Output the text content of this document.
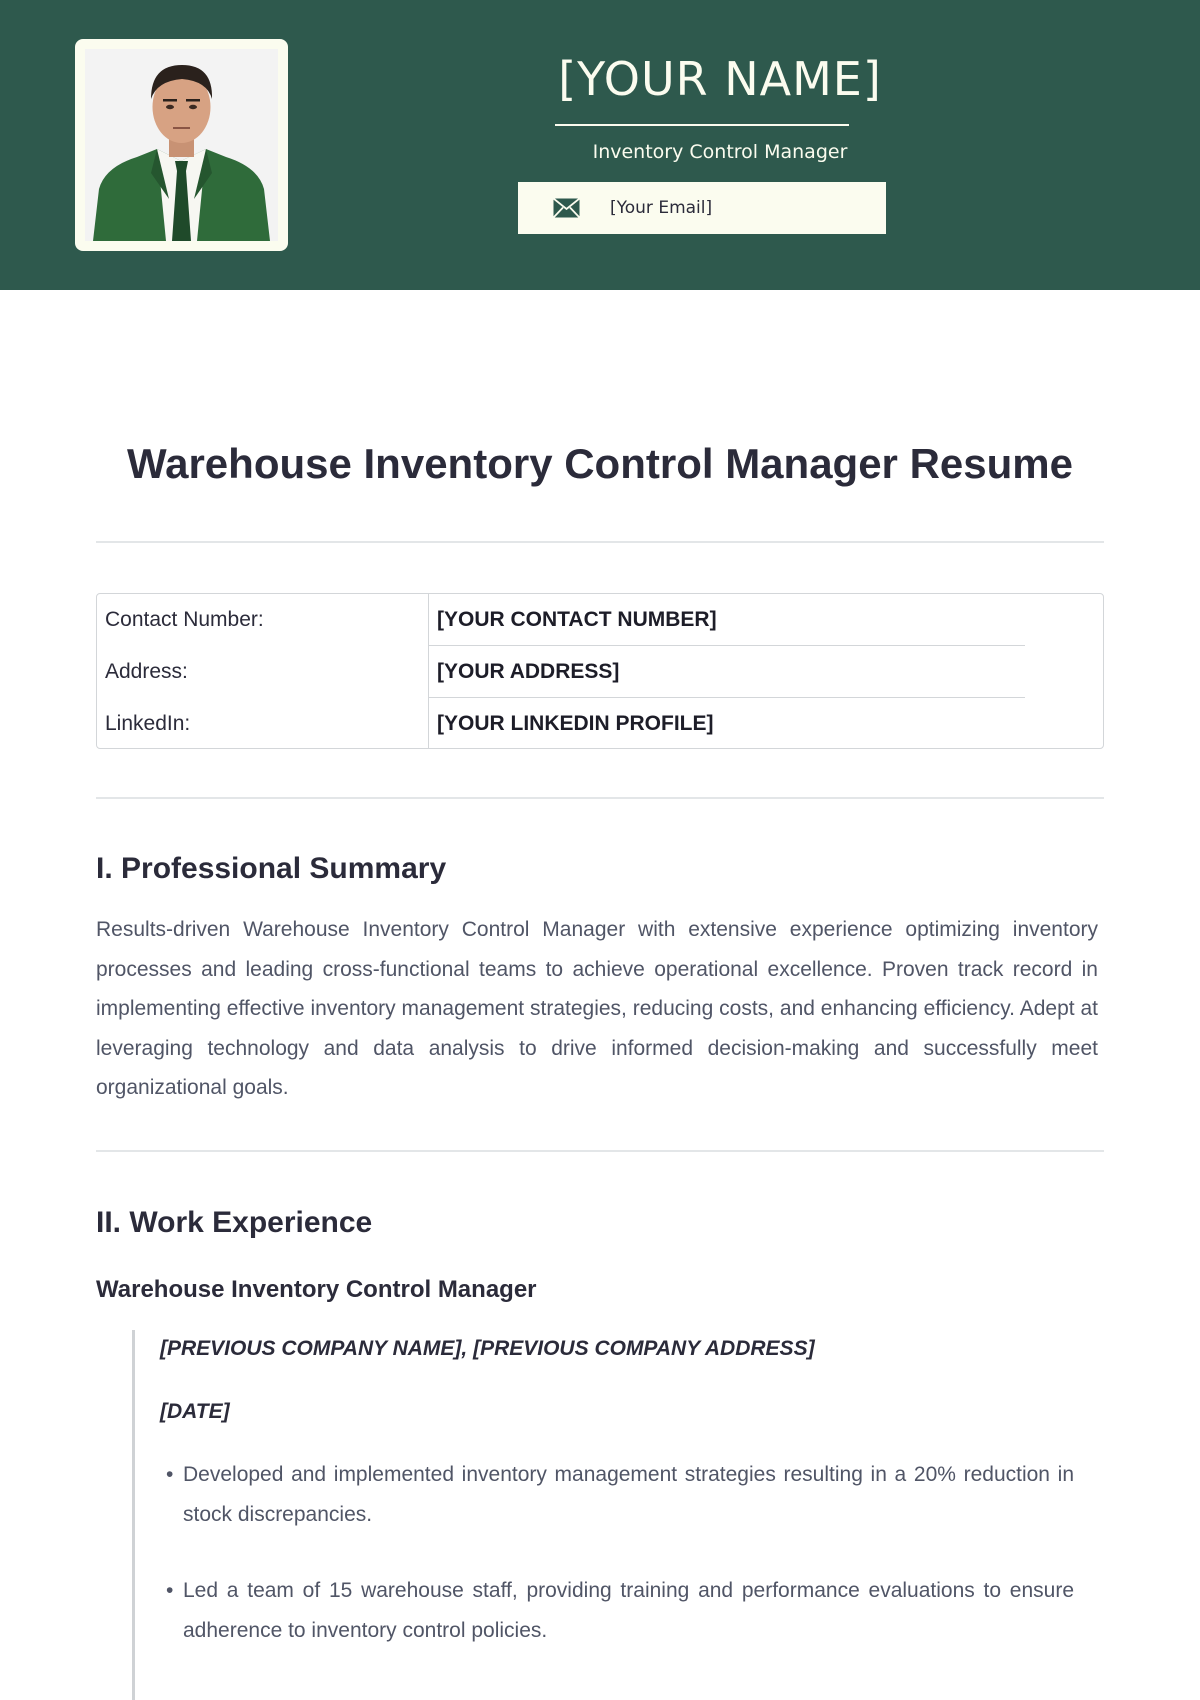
[YOUR NAME]
Inventory Control Manager
[Your Email]
Warehouse Inventory Control Manager Resume
Contact Number:	[YOUR CONTACT NUMBER]
Address:	[YOUR ADDRESS]
LinkedIn:	[YOUR LINKEDIN PROFILE]
I. Professional Summary
Results-driven Warehouse Inventory Control Manager with extensive experience optimizing inventory processes and leading cross-functional teams to achieve operational excellence. Proven track record in implementing effective inventory management strategies, reducing costs, and enhancing efficiency. Adept at leveraging technology and data analysis to drive informed decision-making and successfully meet organizational goals.
II. Work Experience
Warehouse Inventory Control Manager
[PREVIOUS COMPANY NAME], [PREVIOUS COMPANY ADDRESS]
[DATE]
• Developed and implemented inventory management strategies resulting in a 20% reduction in stock discrepancies.
• Led a team of 15 warehouse staff, providing training and performance evaluations to ensure adherence to inventory control policies.
